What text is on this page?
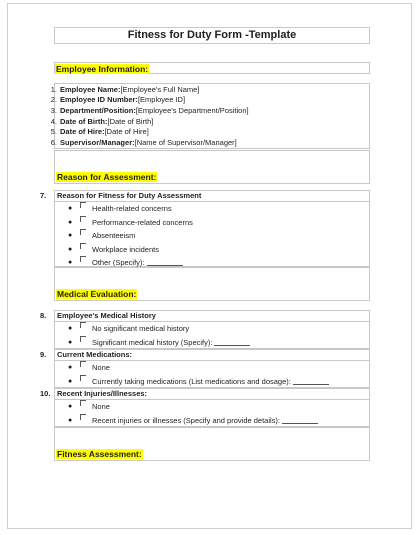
Fitness for Duty Form -Template
Employee Information:
1. Employee Name: [Employee's Full Name]
2. Employee ID Number: [Employee ID]
3. Department/Position: [Employee's Department/Position]
4. Date of Birth: [Date of Birth]
5. Date of Hire: [Date of Hire]
6. Supervisor/Manager: [Name of Supervisor/Manager]
Reason for Assessment:
7. Reason for Fitness for Duty Assessment
●	Health-related concerns
●	Performance-related concerns
●	Absenteeism
●	Workplace incidents
●	Other (Specify):
Medical Evaluation:
8. Employee's Medical History
●	No significant medical history
●	Significant medical history (Specify):
9. Current Medications:
●	None
●	Currently taking medications (List medications and dosage):
10. Recent Injuries/Illnesses:
●	None
●	Recent injuries or illnesses (Specify and provide details):
Fitness Assessment:
